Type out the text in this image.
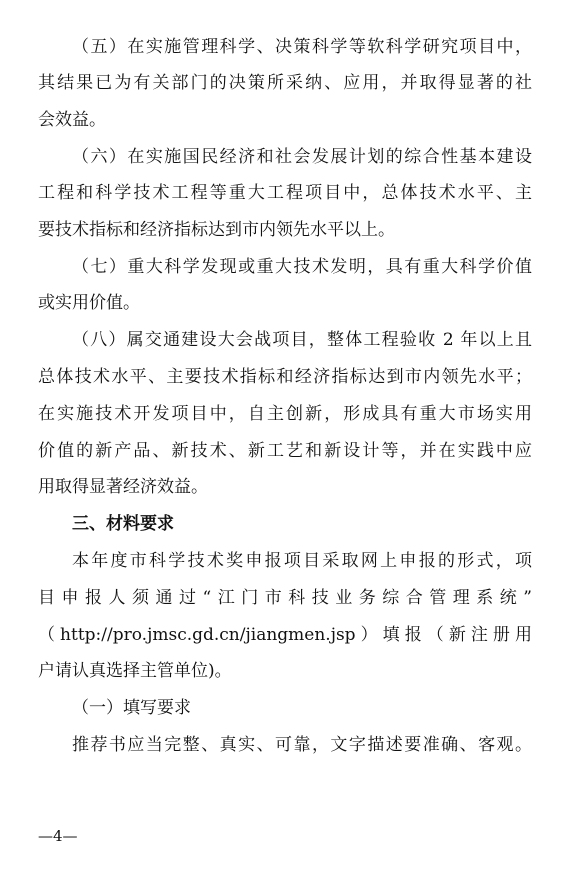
（五）在实施管理科学、决策科学等软科学研究项目中，
其结果已为有关部门的决策所采纳、应用，并取得显著的社
会效益。
（六）在实施国民经济和社会发展计划的综合性基本建设
工程和科学技术工程等重大工程项目中，总体技术水平、主
要技术指标和经济指标达到市内领先水平以上。
（七）重大科学发现或重大技术发明，具有重大科学价值
或实用价值。
（八）属交通建设大会战项目，整体工程验收 2 年以上且
总体技术水平、主要技术指标和经济指标达到市内领先水平；
在实施技术开发项目中，自主创新，形成具有重大市场实用
价值的新产品、新技术、新工艺和新设计等，并在实践中应
用取得显著经济效益。
三、材料要求
本年度市科学技术奖申报项目采取网上申报的形式，项
目申报人须通过“江门市科技业务综合管理系统”
（http://pro.jmsc.gd.cn/jiangmen.jsp）填报（新注册用
户请认真选择主管单位)。
（一）填写要求
推荐书应当完整、真实、可靠，文字描述要准确、客观。
—4—
